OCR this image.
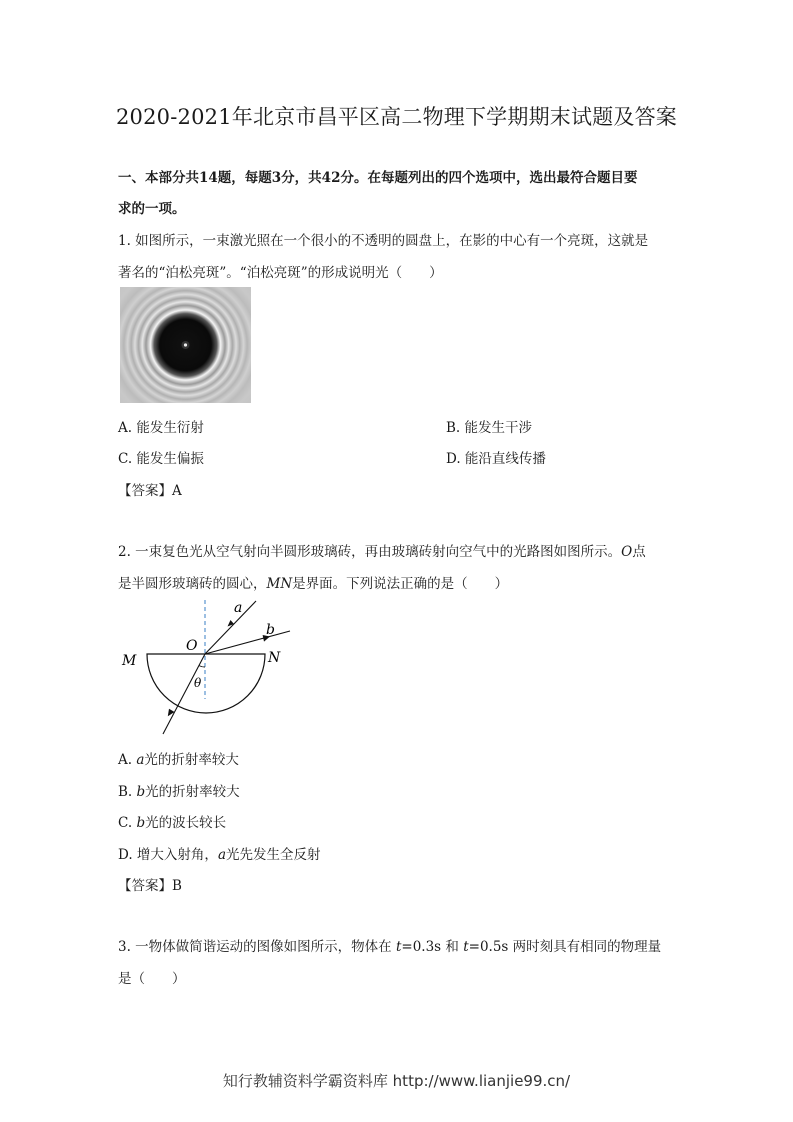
2020-2021年北京市昌平区高二物理下学期期末试题及答案
一、本部分共14题，每题3分，共42分。在每题列出的四个选项中，选出最符合题目要
求的一项。
1. 如图所示，一束激光照在一个很小的不透明的圆盘上，在影的中心有一个亮斑，这就是
著名的“泊松亮斑”。“泊松亮斑”的形成说明光（　　）
A. 能发生衍射	B. 能发生干涉
C. 能发生偏振	D. 能沿直线传播
【答案】A
2. 一束复色光从空气射向半圆形玻璃砖，再由玻璃砖射向空气中的光路图如图所示。O点
是半圆形玻璃砖的圆心，MN是界面。下列说法正确的是（　　）
a
b
O
M	N
θ
A. a光的折射率较大
B. b光的折射率较大
C. b光的波长较长
D. 增大入射角，a光先发生全反射
【答案】B
3. 一物体做简谐运动的图像如图所示，物体在 t=0.3s 和 t=0.5s 两时刻具有相同的物理量
是（　　）
知行教辅资料学霸资料库 http://www.lianjie99.cn/
